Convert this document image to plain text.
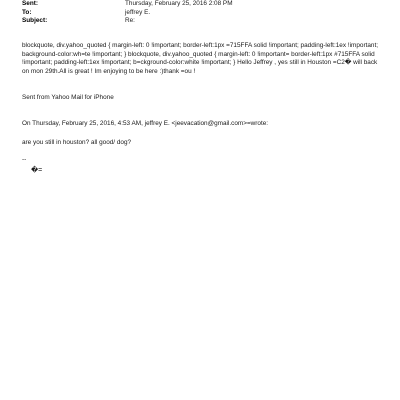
Sent:	Thursday, February 25, 2016 2:08 PM
To:	jeffrey E.
Subject:	Re:
blockquote, div.yahoo_quoted { margin-left: 0 !important; border-left:1px =715FFA solid !important; padding-left:1ex !important; background-color:wh=te !important; } blockquote, div.yahoo_quoted { margin-left: 0 !important= border-left:1px #715FFA solid !important; padding-left:1ex !important; b=ckground-color:white !important; } Hello Jeffrey , yes still in Houston =C2� will back on mon 29th.All is great ! Im enjoying to be here :)thank =ou !
Sent from Yahoo Mail for iPhone
On Thursday, February 25, 2016, 4:53 AM, jeffrey E. <jeevacation@gmail.com>=wrote:
are you still in houston? all good/ dog?
--
�=
